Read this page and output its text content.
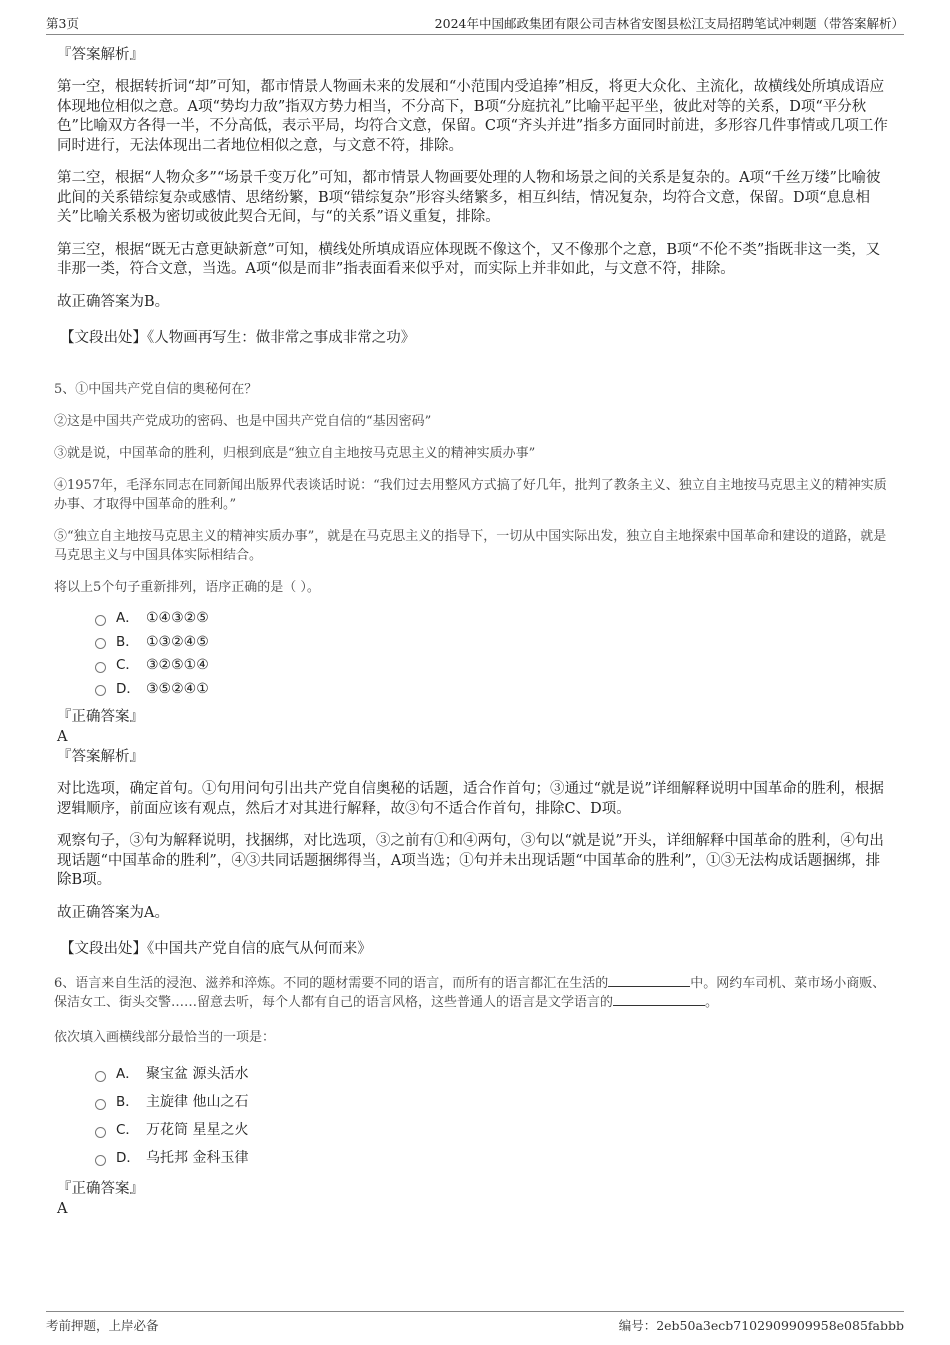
第3页	2024年中国邮政集团有限公司吉林省安图县松江支局招聘笔试冲刺题（带答案解析）

『答案解析』

第一空，根据转折词“却”可知，都市情景人物画未来的发展和“小范围内受追捧”相反，将更大众化、主流化，故横线处所填成语应体现地位相似之意。A项“势均力敌”指双方势力相当，不分高下，B项“分庭抗礼”比喻平起平坐，彼此对等的关系，D项“平分秋色”比喻双方各得一半，不分高低，表示平局，均符合文意，保留。C项“齐头并进”指多方面同时前进，多形容几件事情或几项工作同时进行，无法体现出二者地位相似之意，与文意不符，排除。

第二空，根据“人物众多”“场景千变万化”可知，都市情景人物画要处理的人物和场景之间的关系是复杂的。A项“千丝万缕”比喻彼此间的关系错综复杂或感情、思绪纷繁，B项“错综复杂”形容头绪繁多，相互纠结，情况复杂，均符合文意，保留。D项“息息相关”比喻关系极为密切或彼此契合无间，与“的关系”语义重复，排除。

第三空，根据“既无古意更缺新意”可知，横线处所填成语应体现既不像这个，又不像那个之意，B项“不伦不类”指既非这一类，又非那一类，符合文意，当选。A项“似是而非”指表面看来似乎对，而实际上并非如此，与文意不符，排除。

故正确答案为B。

【文段出处】《人物画再写生：做非常之事成非常之功》

5、①中国共产党自信的奥秘何在？

②这是中国共产党成功的密码、也是中国共产党自信的“基因密码”

③就是说，中国革命的胜利，归根到底是“独立自主地按马克思主义的精神实质办事”

④1957年，毛泽东同志在同新闻出版界代表谈话时说：“我们过去用整风方式搞了好几年，批判了教条主义、独立自主地按马克思主义的精神实质办事、才取得中国革命的胜利。”

⑤“独立自主地按马克思主义的精神实质办事”，就是在马克思主义的指导下，一切从中国实际出发，独立自主地探索中国革命和建设的道路，就是马克思主义与中国具体实际相结合。

将以上5个句子重新排列，语序正确的是（ ）。

A． ①④③②⑤
B． ①③②④⑤
C． ③②⑤①④
D． ③⑤②④①

『正确答案』

A

『答案解析』

对比选项，确定首句。①句用问句引出共产党自信奥秘的话题，适合作首句；③通过“就是说”详细解释说明中国革命的胜利，根据逻辑顺序，前面应该有观点，然后才对其进行解释，故③句不适合作首句，排除C、D项。

观察句子，③句为解释说明，找捆绑，对比选项，③之前有①和④两句，③句以“就是说”开头，详细解释中国革命的胜利，④句出现话题“中国革命的胜利”，④③共同话题捆绑得当，A项当选；①句并未出现话题“中国革命的胜利”，①③无法构成话题捆绑，排除B项。

故正确答案为A。

【文段出处】《中国共产党自信的底气从何而来》

6、语言来自生活的浸泡、滋养和淬炼。不同的题材需要不同的语言，而所有的语言都汇在生活的	中。网约车司机、菜市场小商贩、保洁女工、街头交警……留意去听，每个人都有自己的语言风格，这些普通人的语言是文学语言的	。

依次填入画横线部分最恰当的一项是：

A． 聚宝盆 源头活水
B． 主旋律 他山之石
C． 万花筒 星星之火
D． 乌托邦 金科玉律

『正确答案』

A

考前押题，上岸必备	编号：2eb50a3ecb7102909909958e085fabbb
